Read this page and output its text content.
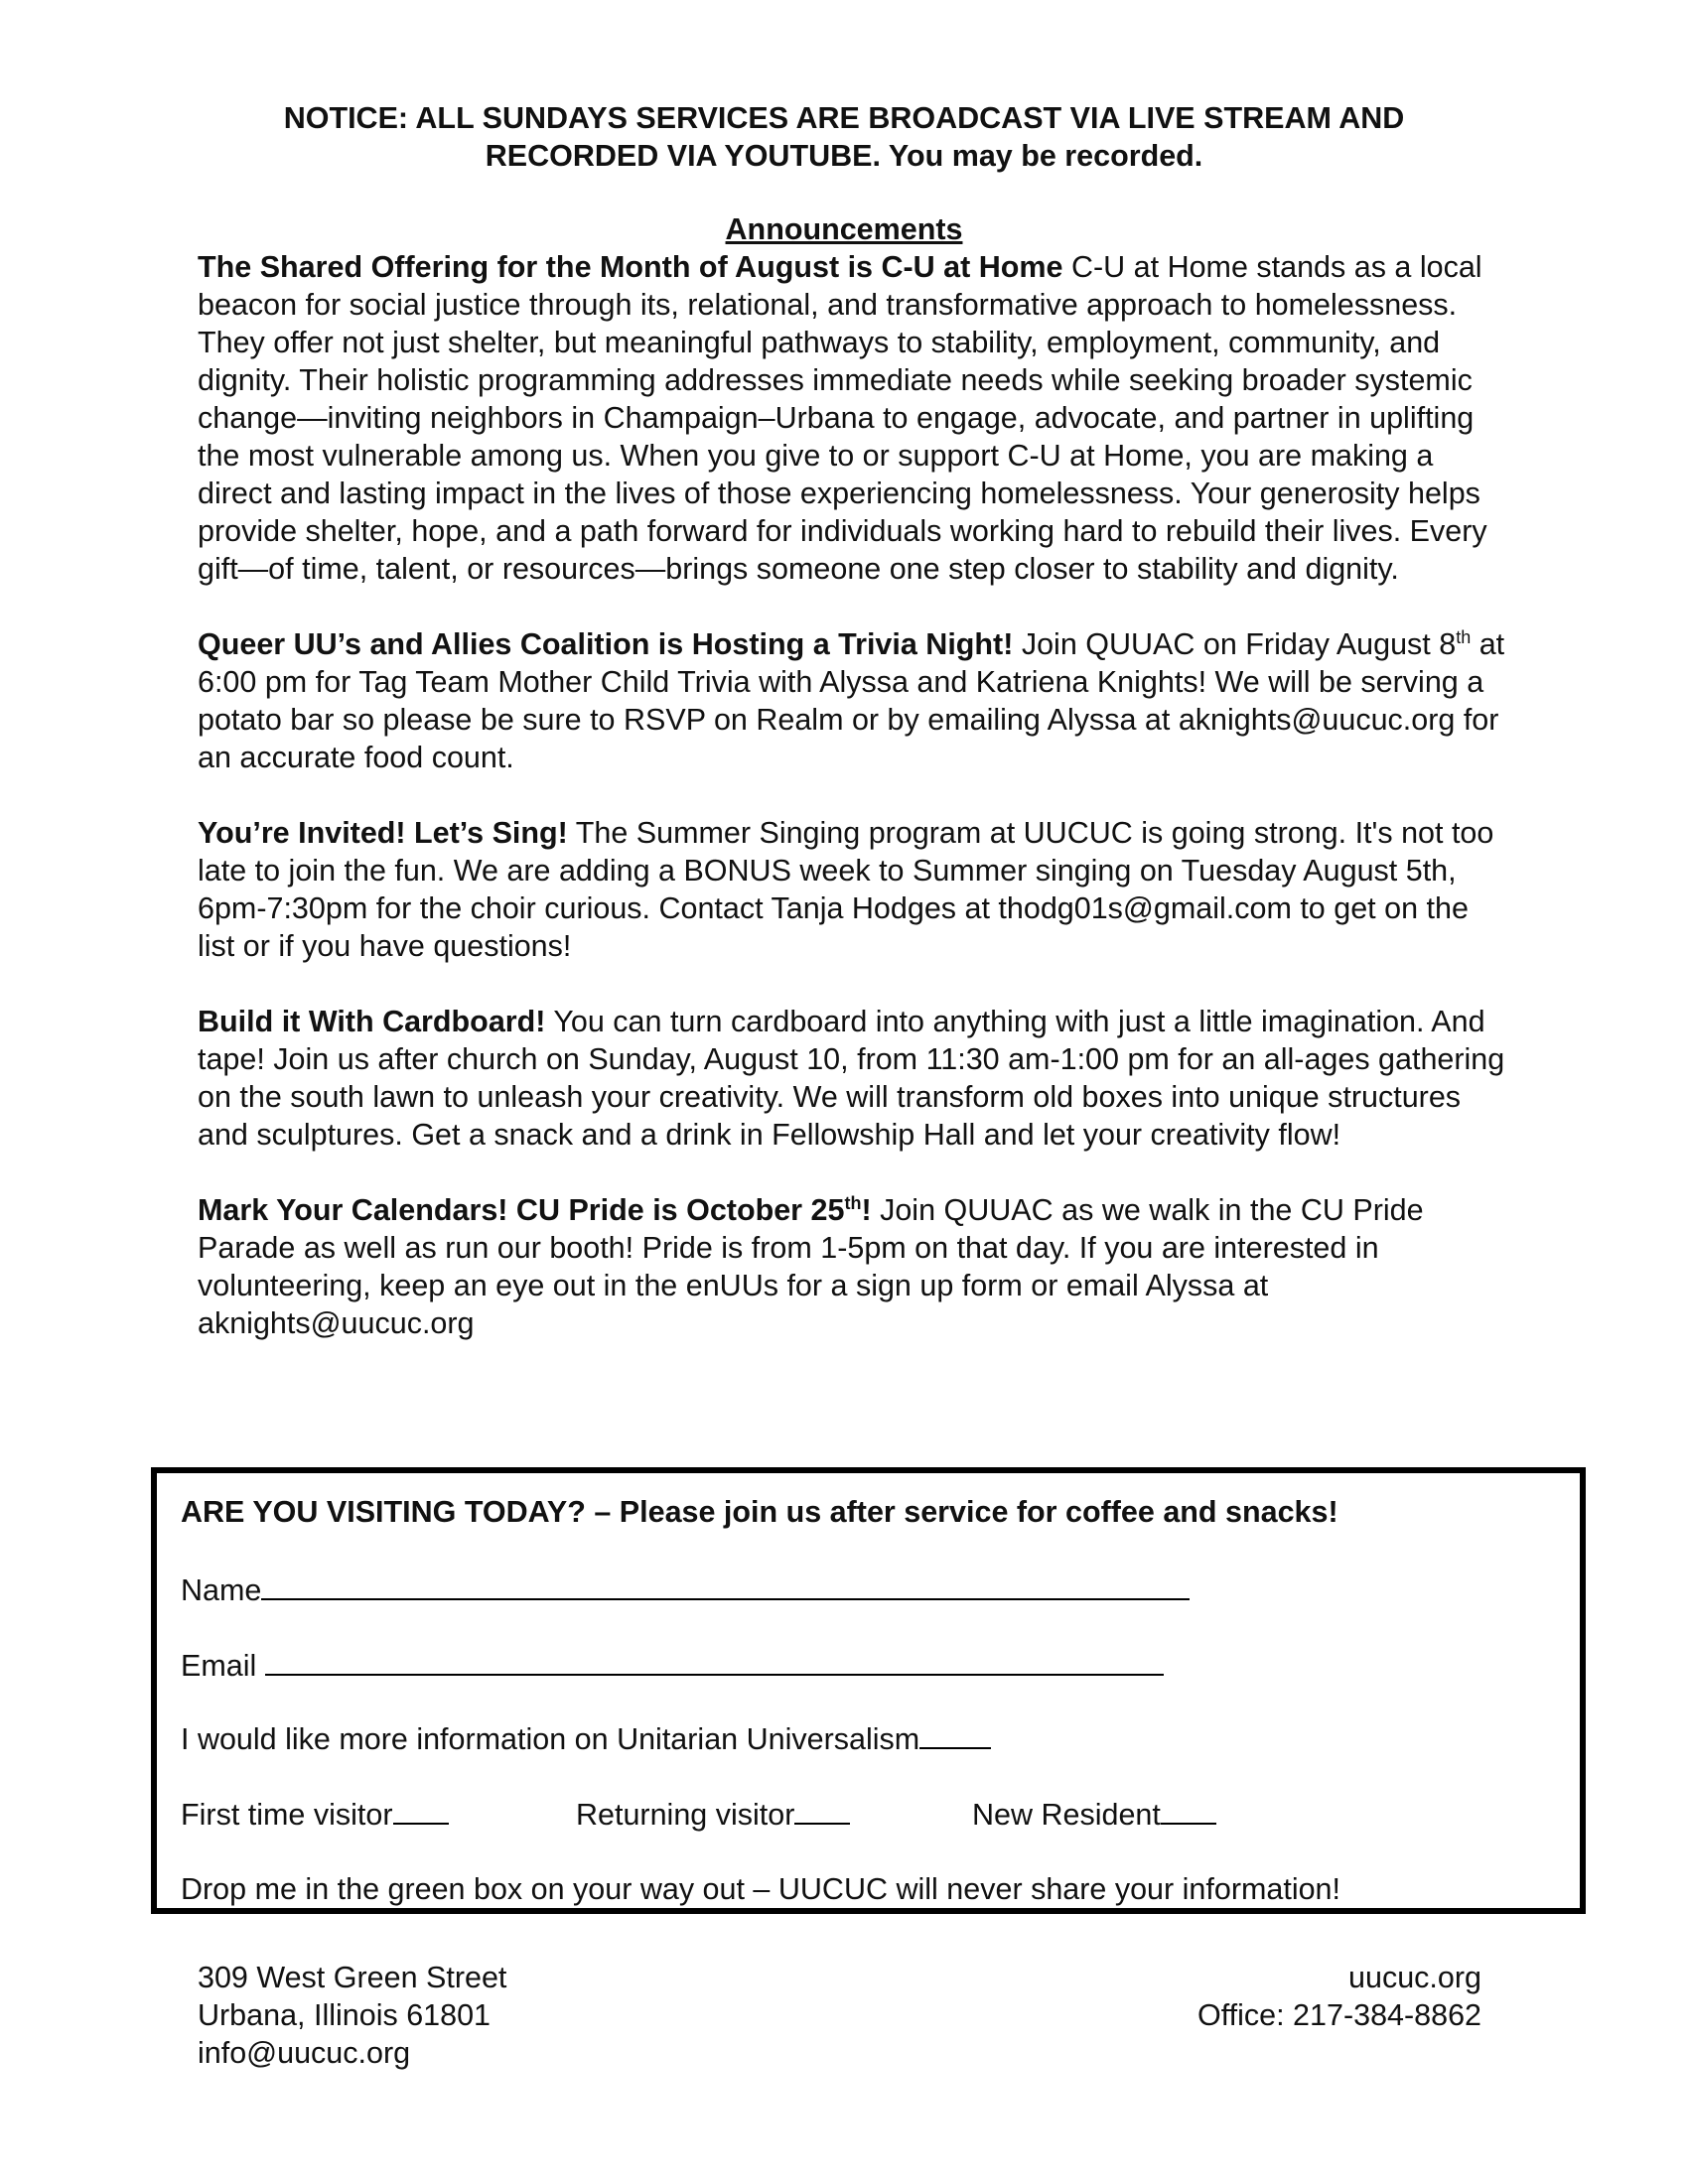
NOTICE: ALL SUNDAYS SERVICES ARE BROADCAST VIA LIVE STREAM AND
RECORDED VIA YOUTUBE. You may be recorded.
Announcements

The Shared Offering for the Month of August is C-U at Home C-U at Home stands as a local beacon for social justice through its, relational, and transformative approach to homelessness. They offer not just shelter, but meaningful pathways to stability, employment, community, and dignity. Their holistic programming addresses immediate needs while seeking broader systemic change—inviting neighbors in Champaign–Urbana to engage, advocate, and partner in uplifting the most vulnerable among us. When you give to or support C-U at Home, you are making a direct and lasting impact in the lives of those experiencing homelessness. Your generosity helps provide shelter, hope, and a path forward for individuals working hard to rebuild their lives. Every gift—of time, talent, or resources—brings someone one step closer to stability and dignity.

Queer UU’s and Allies Coalition is Hosting a Trivia Night! Join QUUAC on Friday August 8th at 6:00 pm for Tag Team Mother Child Trivia with Alyssa and Katriena Knights! We will be serving a potato bar so please be sure to RSVP on Realm or by emailing Alyssa at aknights@uucuc.org for an accurate food count.

You’re Invited! Let’s Sing! The Summer Singing program at UUCUC is going strong. It's not too late to join the fun. We are adding a BONUS week to Summer singing on Tuesday August 5th, 6pm-7:30pm for the choir curious. Contact Tanja Hodges at thodg01s@gmail.com to get on the list or if you have questions!

Build it With Cardboard! You can turn cardboard into anything with just a little imagination. And tape! Join us after church on Sunday, August 10, from 11:30 am-1:00 pm for an all-ages gathering on the south lawn to unleash your creativity. We will transform old boxes into unique structures and sculptures. Get a snack and a drink in Fellowship Hall and let your creativity flow!

Mark Your Calendars! CU Pride is October 25th! Join QUUAC as we walk in the CU Pride Parade as well as run our booth! Pride is from 1-5pm on that day. If you are interested in volunteering, keep an eye out in the enUUs for a sign up form or email Alyssa at aknights@uucuc.org

ARE YOU VISITING TODAY? – Please join us after service for coffee and snacks!
Name
Email
I would like more information on Unitarian Universalism
First time visitor	Returning visitor	New Resident
Drop me in the green box on your way out – UUCUC will never share your information!
309 West Green Street
Urbana, Illinois 61801
info@uucuc.org
uucuc.org
Office: 217-384-8862
